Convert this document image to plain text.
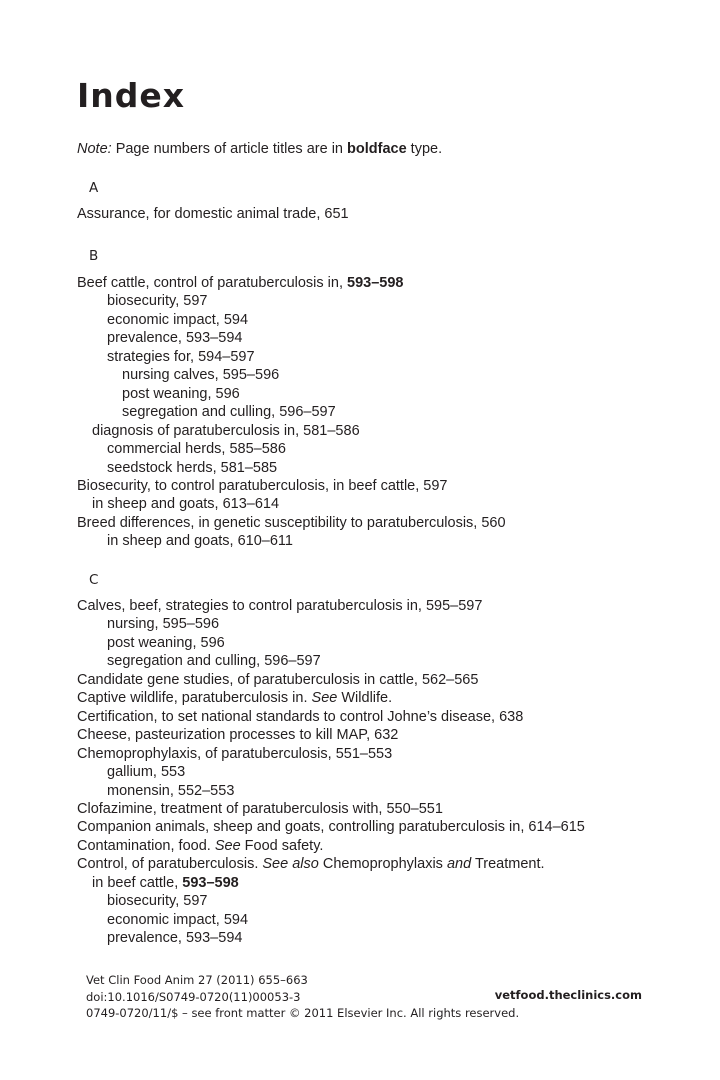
Index
Note: Page numbers of article titles are in boldface type.
A
Assurance, for domestic animal trade, 651
B
Beef cattle, control of paratuberculosis in, 593–598
biosecurity, 597
economic impact, 594
prevalence, 593–594
strategies for, 594–597
nursing calves, 595–596
post weaning, 596
segregation and culling, 596–597
diagnosis of paratuberculosis in, 581–586
commercial herds, 585–586
seedstock herds, 581–585
Biosecurity, to control paratuberculosis, in beef cattle, 597
in sheep and goats, 613–614
Breed differences, in genetic susceptibility to paratuberculosis, 560
in sheep and goats, 610–611
C
Calves, beef, strategies to control paratuberculosis in, 595–597
nursing, 595–596
post weaning, 596
segregation and culling, 596–597
Candidate gene studies, of paratuberculosis in cattle, 562–565
Captive wildlife, paratuberculosis in. See Wildlife.
Certification, to set national standards to control Johne’s disease, 638
Cheese, pasteurization processes to kill MAP, 632
Chemoprophylaxis, of paratuberculosis, 551–553
gallium, 553
monensin, 552–553
Clofazimine, treatment of paratuberculosis with, 550–551
Companion animals, sheep and goats, controlling paratuberculosis in, 614–615
Contamination, food. See Food safety.
Control, of paratuberculosis. See also Chemoprophylaxis and Treatment.
in beef cattle, 593–598
biosecurity, 597
economic impact, 594
prevalence, 593–594
Vet Clin Food Anim 27 (2011) 655–663
doi:10.1016/S0749-0720(11)00053-3
0749-0720/11/$ – see front matter © 2011 Elsevier Inc. All rights reserved.
vetfood.theclinics.com
